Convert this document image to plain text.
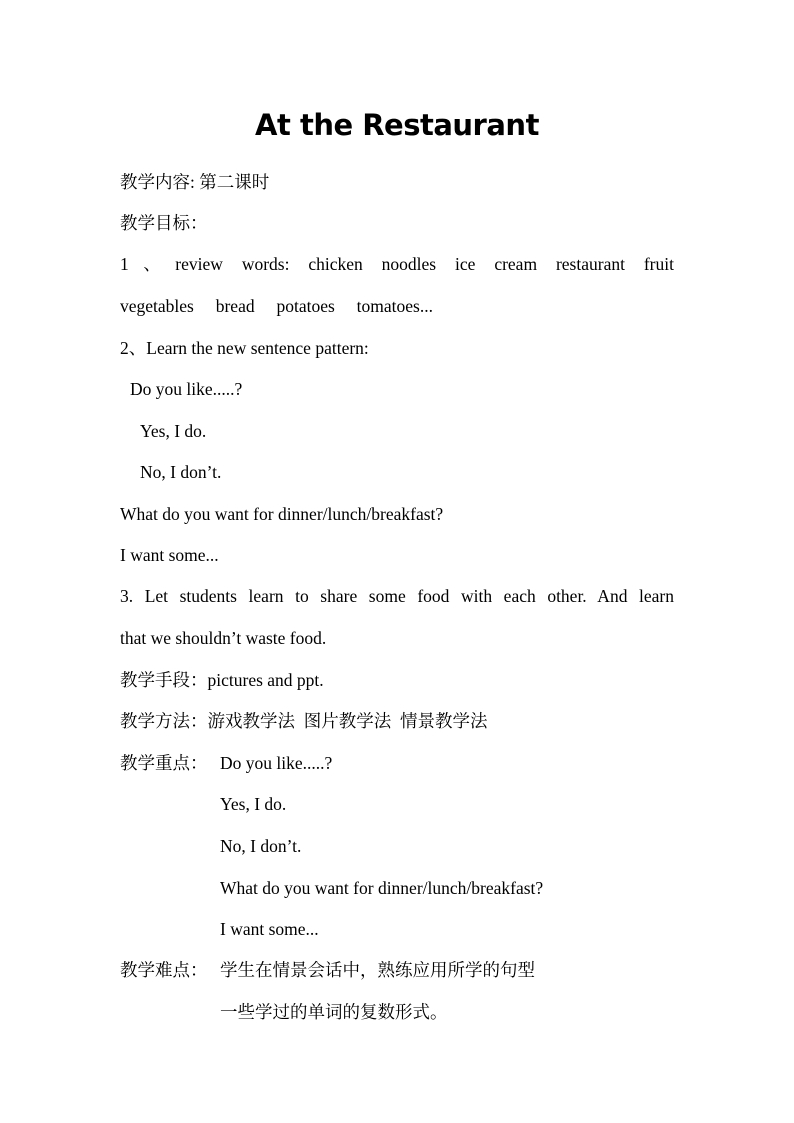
At the Restaurant
教学内容: 第二课时
教学目标：
1、review words: chicken noodles ice cream restaurant fruit
vegetables     bread     potatoes     tomatoes...
2、Learn the new sentence pattern:
Do you like.....?
Yes, I do.
No, I don’t.
What do you want for dinner/lunch/breakfast?
I want some...
3. Let students learn to share some food with each other. And learn
that we shouldn’t waste food.
教学手段：pictures and ppt.
教学方法：游戏教学法  图片教学法  情景教学法
教学重点： Do you like.....?
Yes, I do.
No, I don’t.
What do you want for dinner/lunch/breakfast?
I want some...
教学难点： 学生在情景会话中，熟练应用所学的句型
一些学过的单词的复数形式。
